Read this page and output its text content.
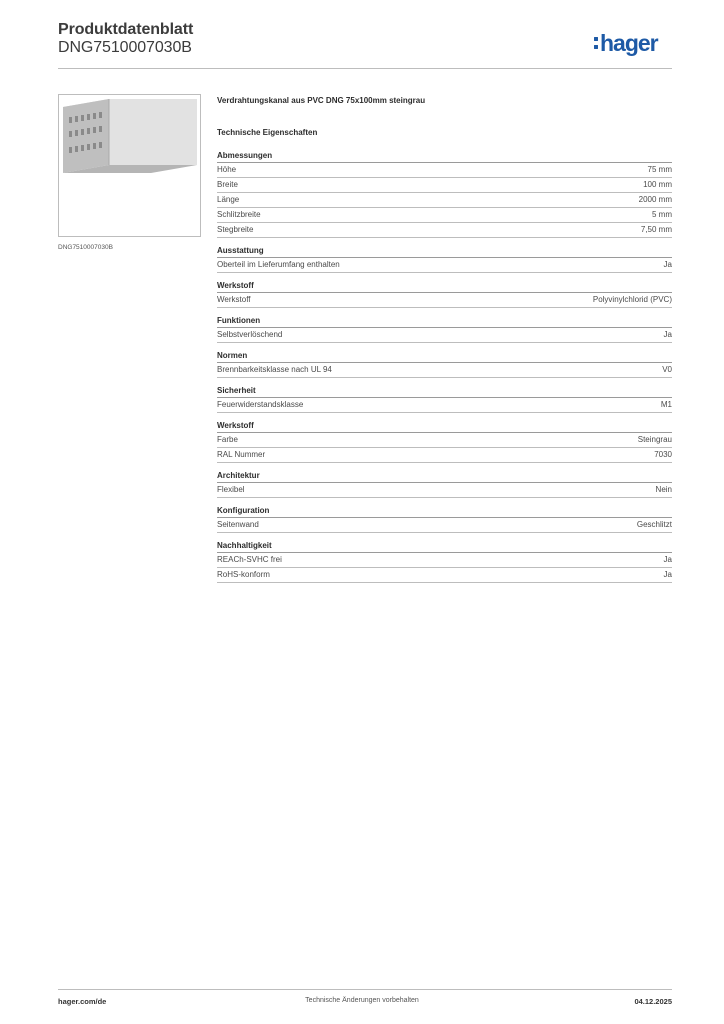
Produktdatenblatt
DNG7510007030B	hager
DNG7510007030B
Verdrahtungskanal aus PVC DNG 75x100mm steingrau
Technische Eigenschaften
Abmessungen
Höhe	75 mm
Breite	100 mm
Länge	2000 mm
Schlitzbreite	5 mm
Stegbreite	7,50 mm
Ausstattung
Oberteil im Lieferumfang enthalten	Ja
Werkstoff
Werkstoff	Polyvinylchlorid (PVC)
Funktionen
Selbstverlöschend	Ja
Normen
Brennbarkeitsklasse nach UL 94	V0
Sicherheit
Feuerwiderstandsklasse	M1
Werkstoff
Farbe	Steingrau
RAL Nummer	7030
Architektur
Flexibel	Nein
Konfiguration
Seitenwand	Geschlitzt
Nachhaltigkeit
REACh-SVHC frei	Ja
RoHS-konform	Ja
Technische Änderungen vorbehalten
hager.com/de	04.12.2025
